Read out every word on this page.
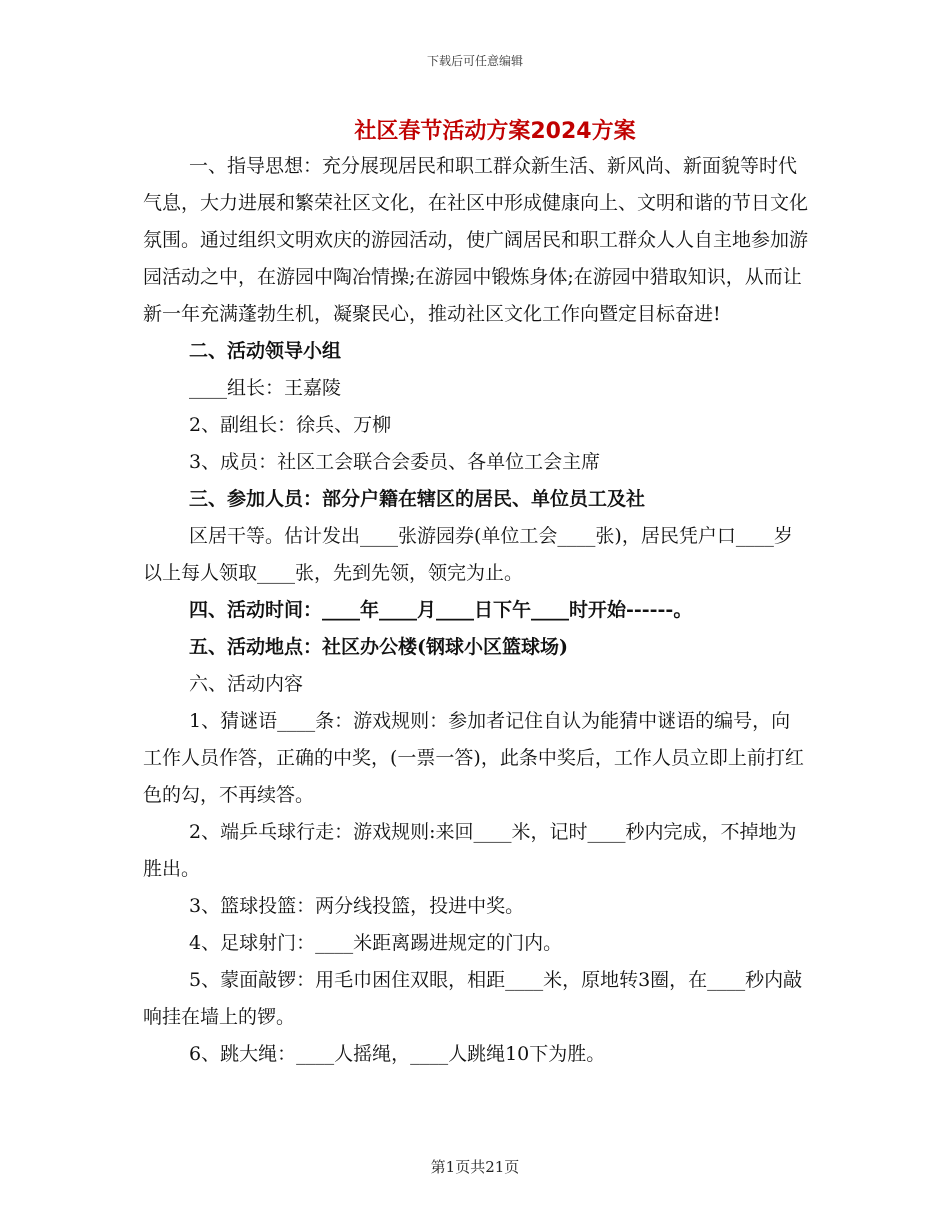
下载后可任意编辑
社区春节活动方案2024方案

一、指导思想：充分展现居民和职工群众新生活、新风尚、新面貌等时代气息，大力进展和繁荣社区文化，在社区中形成健康向上、文明和谐的节日文化氛围。通过组织文明欢庆的游园活动，使广阔居民和职工群众人人自主地参加游园活动之中，在游园中陶冶情操;在游园中锻炼身体;在游园中猎取知识，从而让新一年充满蓬勃生机，凝聚民心，推动社区文化工作向暨定目标奋进!

二、活动领导小组

____组长：王嘉陵

2、副组长：徐兵、万柳

3、成员：社区工会联合会委员、各单位工会主席

三、参加人员：部分户籍在辖区的居民、单位员工及社

区居干等。估计发出____张游园券(单位工会____张)，居民凭户口____岁以上每人领取____张，先到先领，领完为止。

四、活动时间：____年____月____日下午____时开始------。

五、活动地点：社区办公楼(钢球小区篮球场)

六、活动内容

1、猜谜语____条：游戏规则：参加者记住自认为能猜中谜语的编号，向工作人员作答，正确的中奖，(一票一答)，此条中奖后，工作人员立即上前打红色的勾，不再续答。

2、端乒乓球行走：游戏规则:来回____米，记时____秒内完成，不掉地为胜出。

3、篮球投篮：两分线投篮，投进中奖。

4、足球射门：____米距离踢进规定的门内。

5、蒙面敲锣：用毛巾困住双眼，相距____米，原地转3圈，在____秒内敲响挂在墙上的锣。

6、跳大绳：____人摇绳，____人跳绳10下为胜。

第1页共21页
